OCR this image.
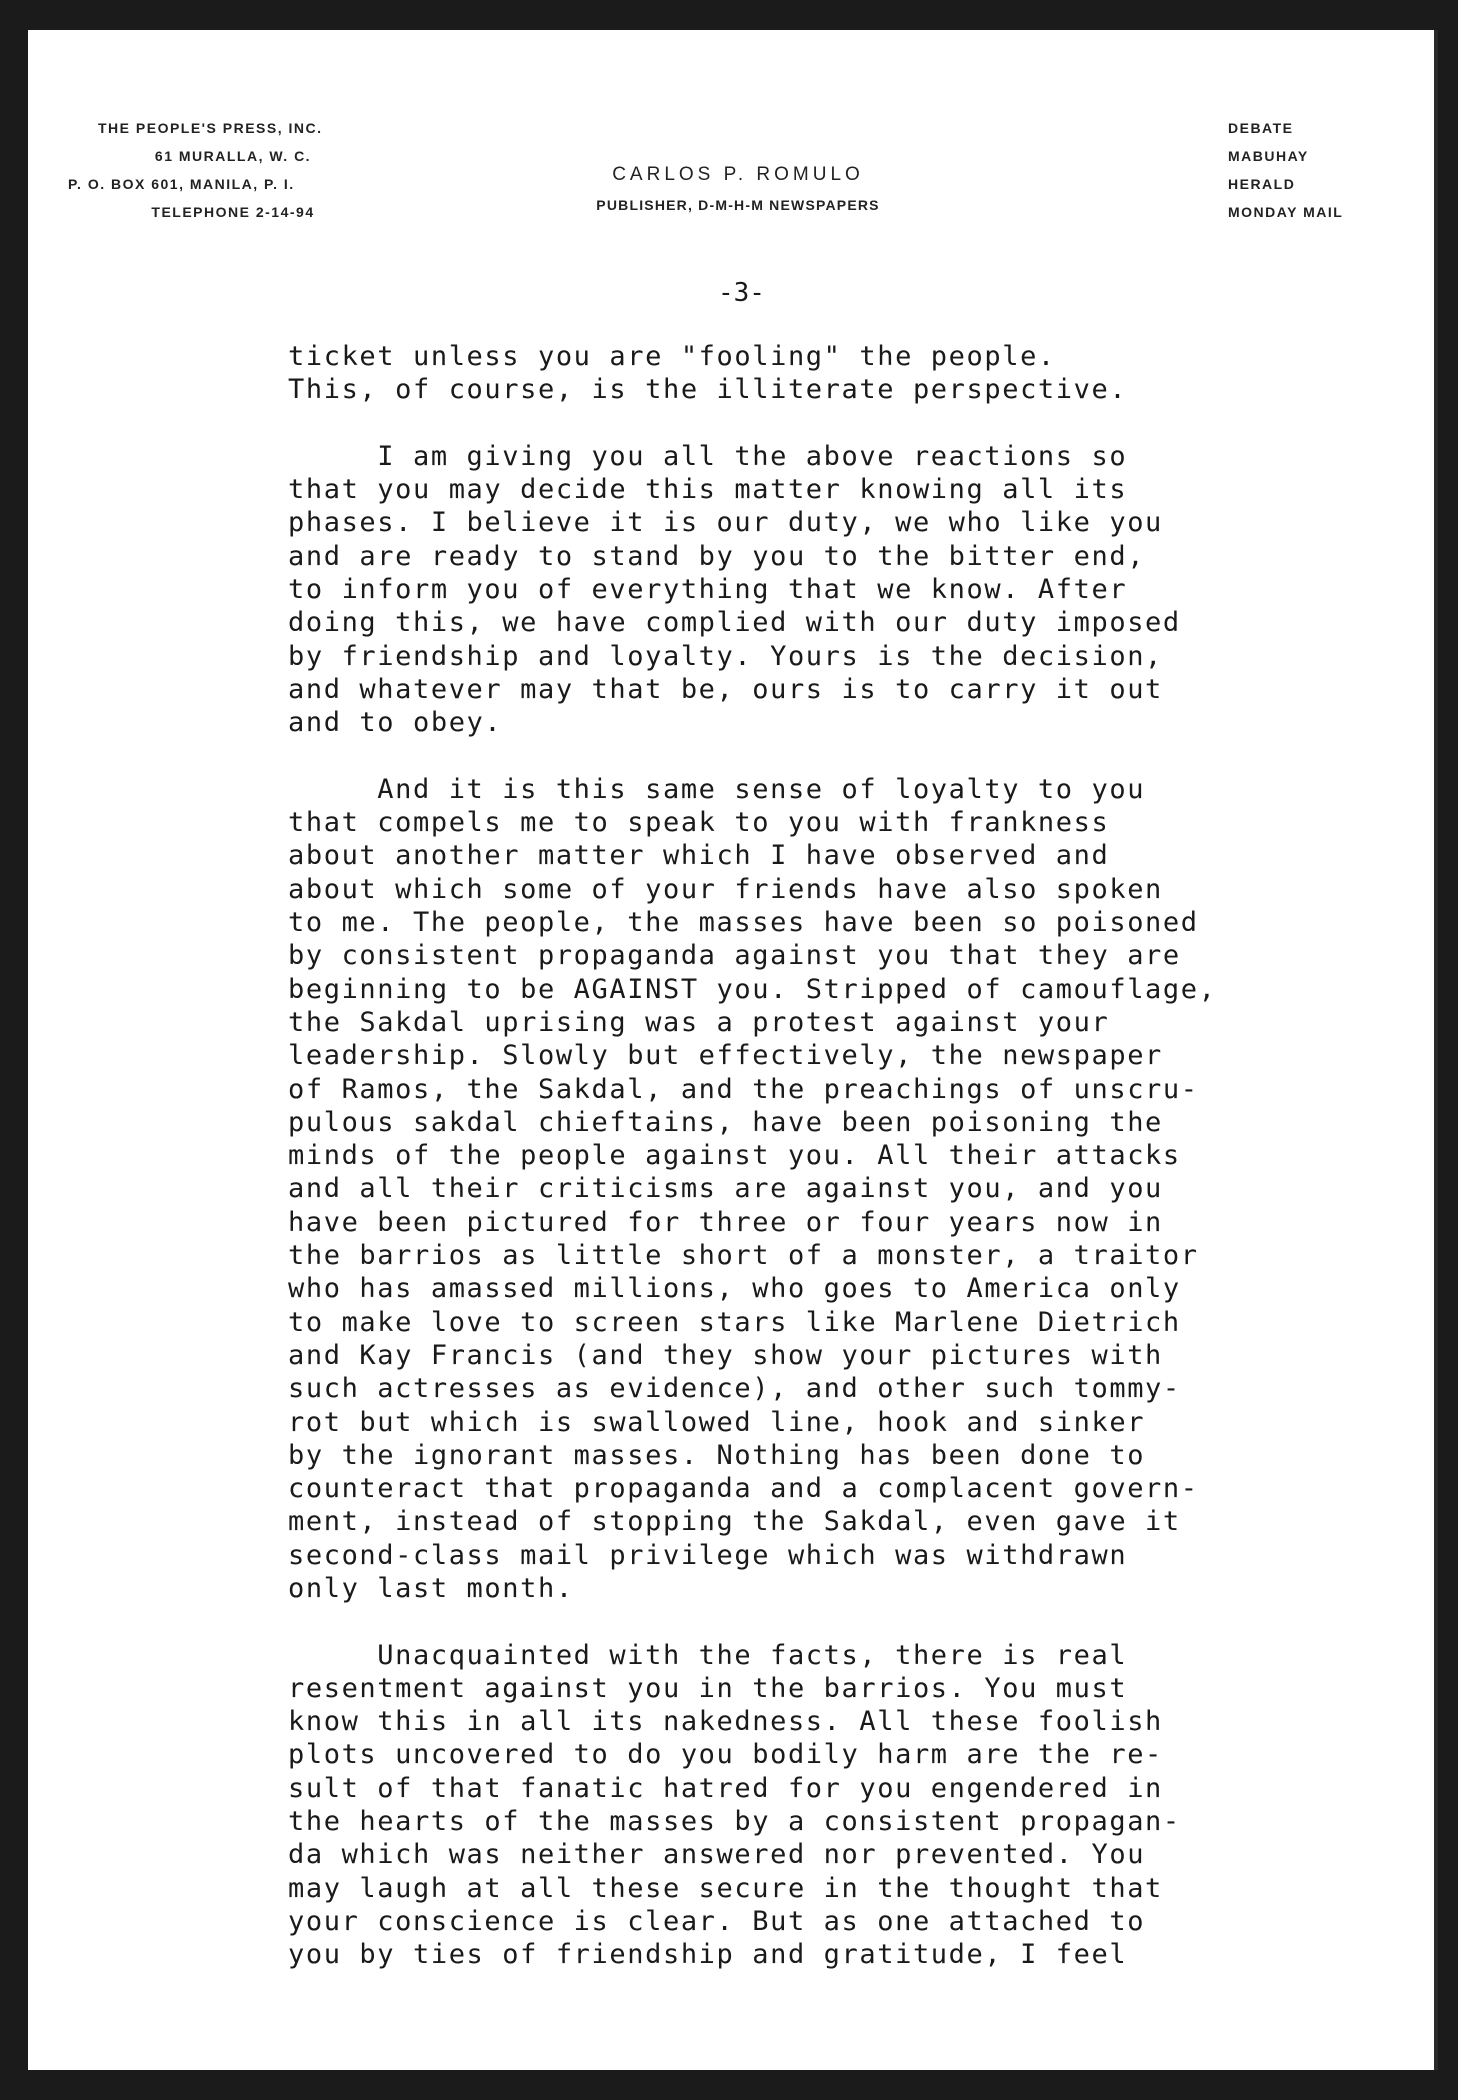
THE PEOPLE'S PRESS, INC.
61 MURALLA, W. C.
P. O. BOX 601, MANILA, P. I.
TELEPHONE 2-14-94
CARLOS P. ROMULO
PUBLISHER, D-M-H-M NEWSPAPERS
DEBATE
MABUHAY
HERALD
MONDAY MAIL
-3-
ticket unless you are "fooling" the people.
This, of course, is the illiterate perspective.
I am giving you all the above reactions so
that you may decide this matter knowing all its
phases. I believe it is our duty, we who like you
and are ready to stand by you to the bitter end,
to inform you of everything that we know. After
doing this, we have complied with our duty imposed
by friendship and loyalty. Yours is the decision,
and whatever may that be, ours is to carry it out
and to obey.
And it is this same sense of loyalty to you
that compels me to speak to you with frankness
about another matter which I have observed and
about which some of your friends have also spoken
to me. The people, the masses have been so poisoned
by consistent propaganda against you that they are
beginning to be AGAINST you. Stripped of camouflage,
the Sakdal uprising was a protest against your
leadership. Slowly but effectively, the newspaper
of Ramos, the Sakdal, and the preachings of unscru-
pulous sakdal chieftains, have been poisoning the
minds of the people against you. All their attacks
and all their criticisms are against you, and you
have been pictured for three or four years now in
the barrios as little short of a monster, a traitor
who has amassed millions, who goes to America only
to make love to screen stars like Marlene Dietrich
and Kay Francis (and they show your pictures with
such actresses as evidence), and other such tommy-
rot but which is swallowed line, hook and sinker
by the ignorant masses. Nothing has been done to
counteract that propaganda and a complacent govern-
ment, instead of stopping the Sakdal, even gave it
second-class mail privilege which was withdrawn
only last month.
Unacquainted with the facts, there is real
resentment against you in the barrios. You must
know this in all its nakedness. All these foolish
plots uncovered to do you bodily harm are the re-
sult of that fanatic hatred for you engendered in
the hearts of the masses by a consistent propagan-
da which was neither answered nor prevented. You
may laugh at all these secure in the thought that
your conscience is clear. But as one attached to
you by ties of friendship and gratitude, I feel
